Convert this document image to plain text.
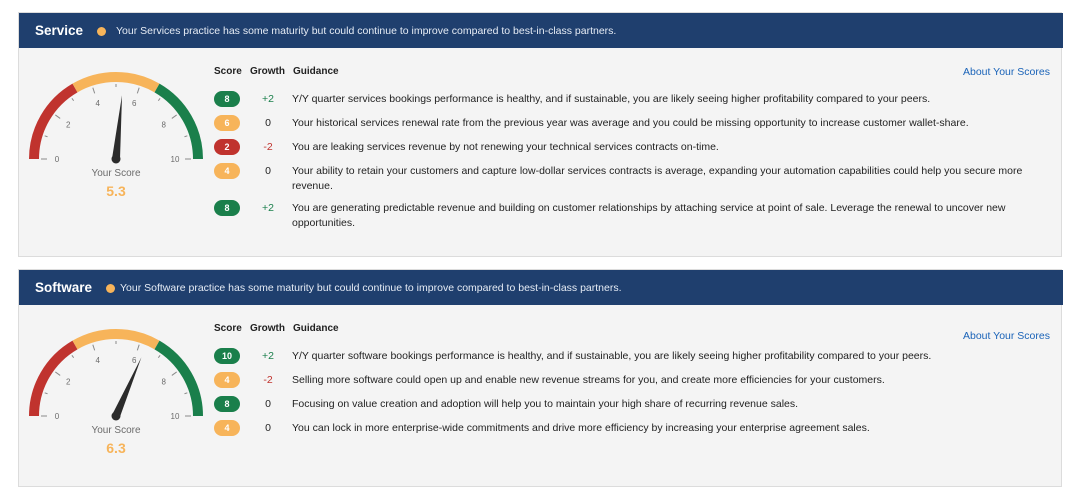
Service	Your Services practice has some maturity but could continue to improve compared to best-in-class partners.
0
2
4	6
8
10
Your Score
5.3
Score Growth Guidance	About Your Scores
8	+2	Y/Y quarter services bookings performance is healthy, and if sustainable, you are likely seeing higher profitability compared to your peers.
6	0	Your historical services renewal rate from the previous year was average and you could be missing opportunity to increase customer wallet-share.
2	-2	You are leaking services revenue by not renewing your technical services contracts on-time.
4	0	Your ability to retain your customers and capture low-dollar services contracts is average, expanding your automation capabilities could help you secure more revenue.
8	+2	You are generating predictable revenue and building on customer relationships by attaching service at point of sale. Leverage the renewal to uncover new opportunities.
Software	Your Software practice has some maturity but could continue to improve compared to best-in-class partners.
0
2
4	6
8
10
Your Score
6.3
Score Growth Guidance
About Your Scores
10	+2	Y/Y quarter software bookings performance is healthy, and if sustainable, you are likely seeing higher profitability compared to your peers.
4	-2	Selling more software could open up and enable new revenue streams for you, and create more efficiencies for your customers.
8	0	Focusing on value creation and adoption will help you to maintain your high share of recurring revenue sales.
4	0	You can lock in more enterprise-wide commitments and drive more efficiency by increasing your enterprise agreement sales.
